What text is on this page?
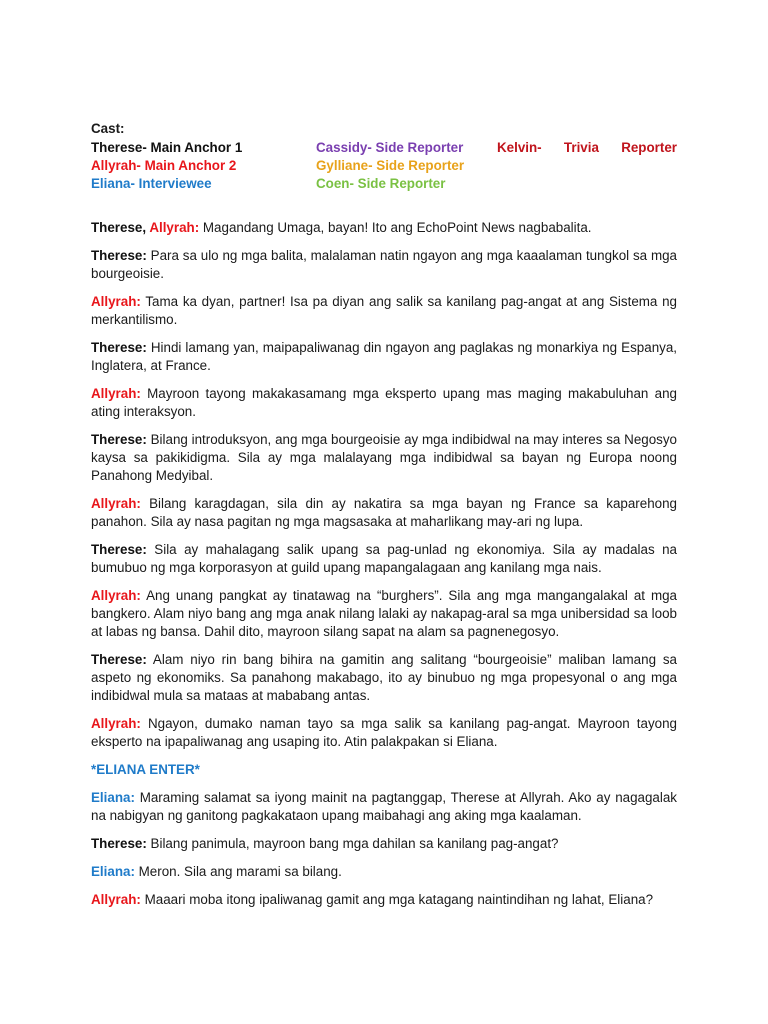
Cast:
Therese- Main Anchor 1
Allyrah- Main Anchor 2
Eliana- Interviewee
Cassidy- Side Reporter
Gylliane- Side Reporter
Coen- Side Reporter
Kelvin- Trivia Reporter

Therese, Allyrah: Magandang Umaga, bayan! Ito ang EchoPoint News nagbabalita.

Therese: Para sa ulo ng mga balita, malalaman natin ngayon ang mga kaaalaman tungkol sa mga bourgeoisie.

Allyrah: Tama ka dyan, partner! Isa pa diyan ang salik sa kanilang pag-angat at ang Sistema ng merkantilismo.

Therese: Hindi lamang yan, maipapaliwanag din ngayon ang paglakas ng monarkiya ng Espanya, Inglatera, at France.

Allyrah: Mayroon tayong makakasamang mga eksperto upang mas maging makabuluhan ang ating interaksyon.

Therese: Bilang introduksyon, ang mga bourgeoisie ay mga indibidwal na may interes sa Negosyo kaysa sa pakikidigma. Sila ay mga malalayang mga indibidwal sa bayan ng Europa noong Panahong Medyibal.

Allyrah: Bilang karagdagan, sila din ay nakatira sa mga bayan ng France sa kaparehong panahon. Sila ay nasa pagitan ng mga magsasaka at maharlikang may-ari ng lupa.

Therese: Sila ay mahalagang salik upang sa pag-unlad ng ekonomiya. Sila ay madalas na bumubuo ng mga korporasyon at guild upang mapangalagaan ang kanilang mga nais.

Allyrah: Ang unang pangkat ay tinatawag na “burghers”. Sila ang mga mangangalakal at mga bangkero. Alam niyo bang ang mga anak nilang lalaki ay nakapag-aral sa mga unibersidad sa loob at labas ng bansa. Dahil dito, mayroon silang sapat na alam sa pagnenegosyo.

Therese: Alam niyo rin bang bihira na gamitin ang salitang “bourgeoisie” maliban lamang sa aspeto ng ekonomiks. Sa panahong makabago, ito ay binubuo ng mga propesyonal o ang mga indibidwal mula sa mataas at mababang antas.

Allyrah: Ngayon, dumako naman tayo sa mga salik sa kanilang pag-angat. Mayroon tayong eksperto na ipapaliwanag ang usaping ito. Atin palakpakan si Eliana.

*ELIANA ENTER*

Eliana: Maraming salamat sa iyong mainit na pagtanggap, Therese at Allyrah. Ako ay nagagalak na nabigyan ng ganitong pagkakataon upang maibahagi ang aking mga kaalaman.

Therese: Bilang panimula, mayroon bang mga dahilan sa kanilang pag-angat?

Eliana: Meron. Sila ang marami sa bilang.

Allyrah: Maaari moba itong ipaliwanag gamit ang mga katagang naintindihan ng lahat, Eliana?
